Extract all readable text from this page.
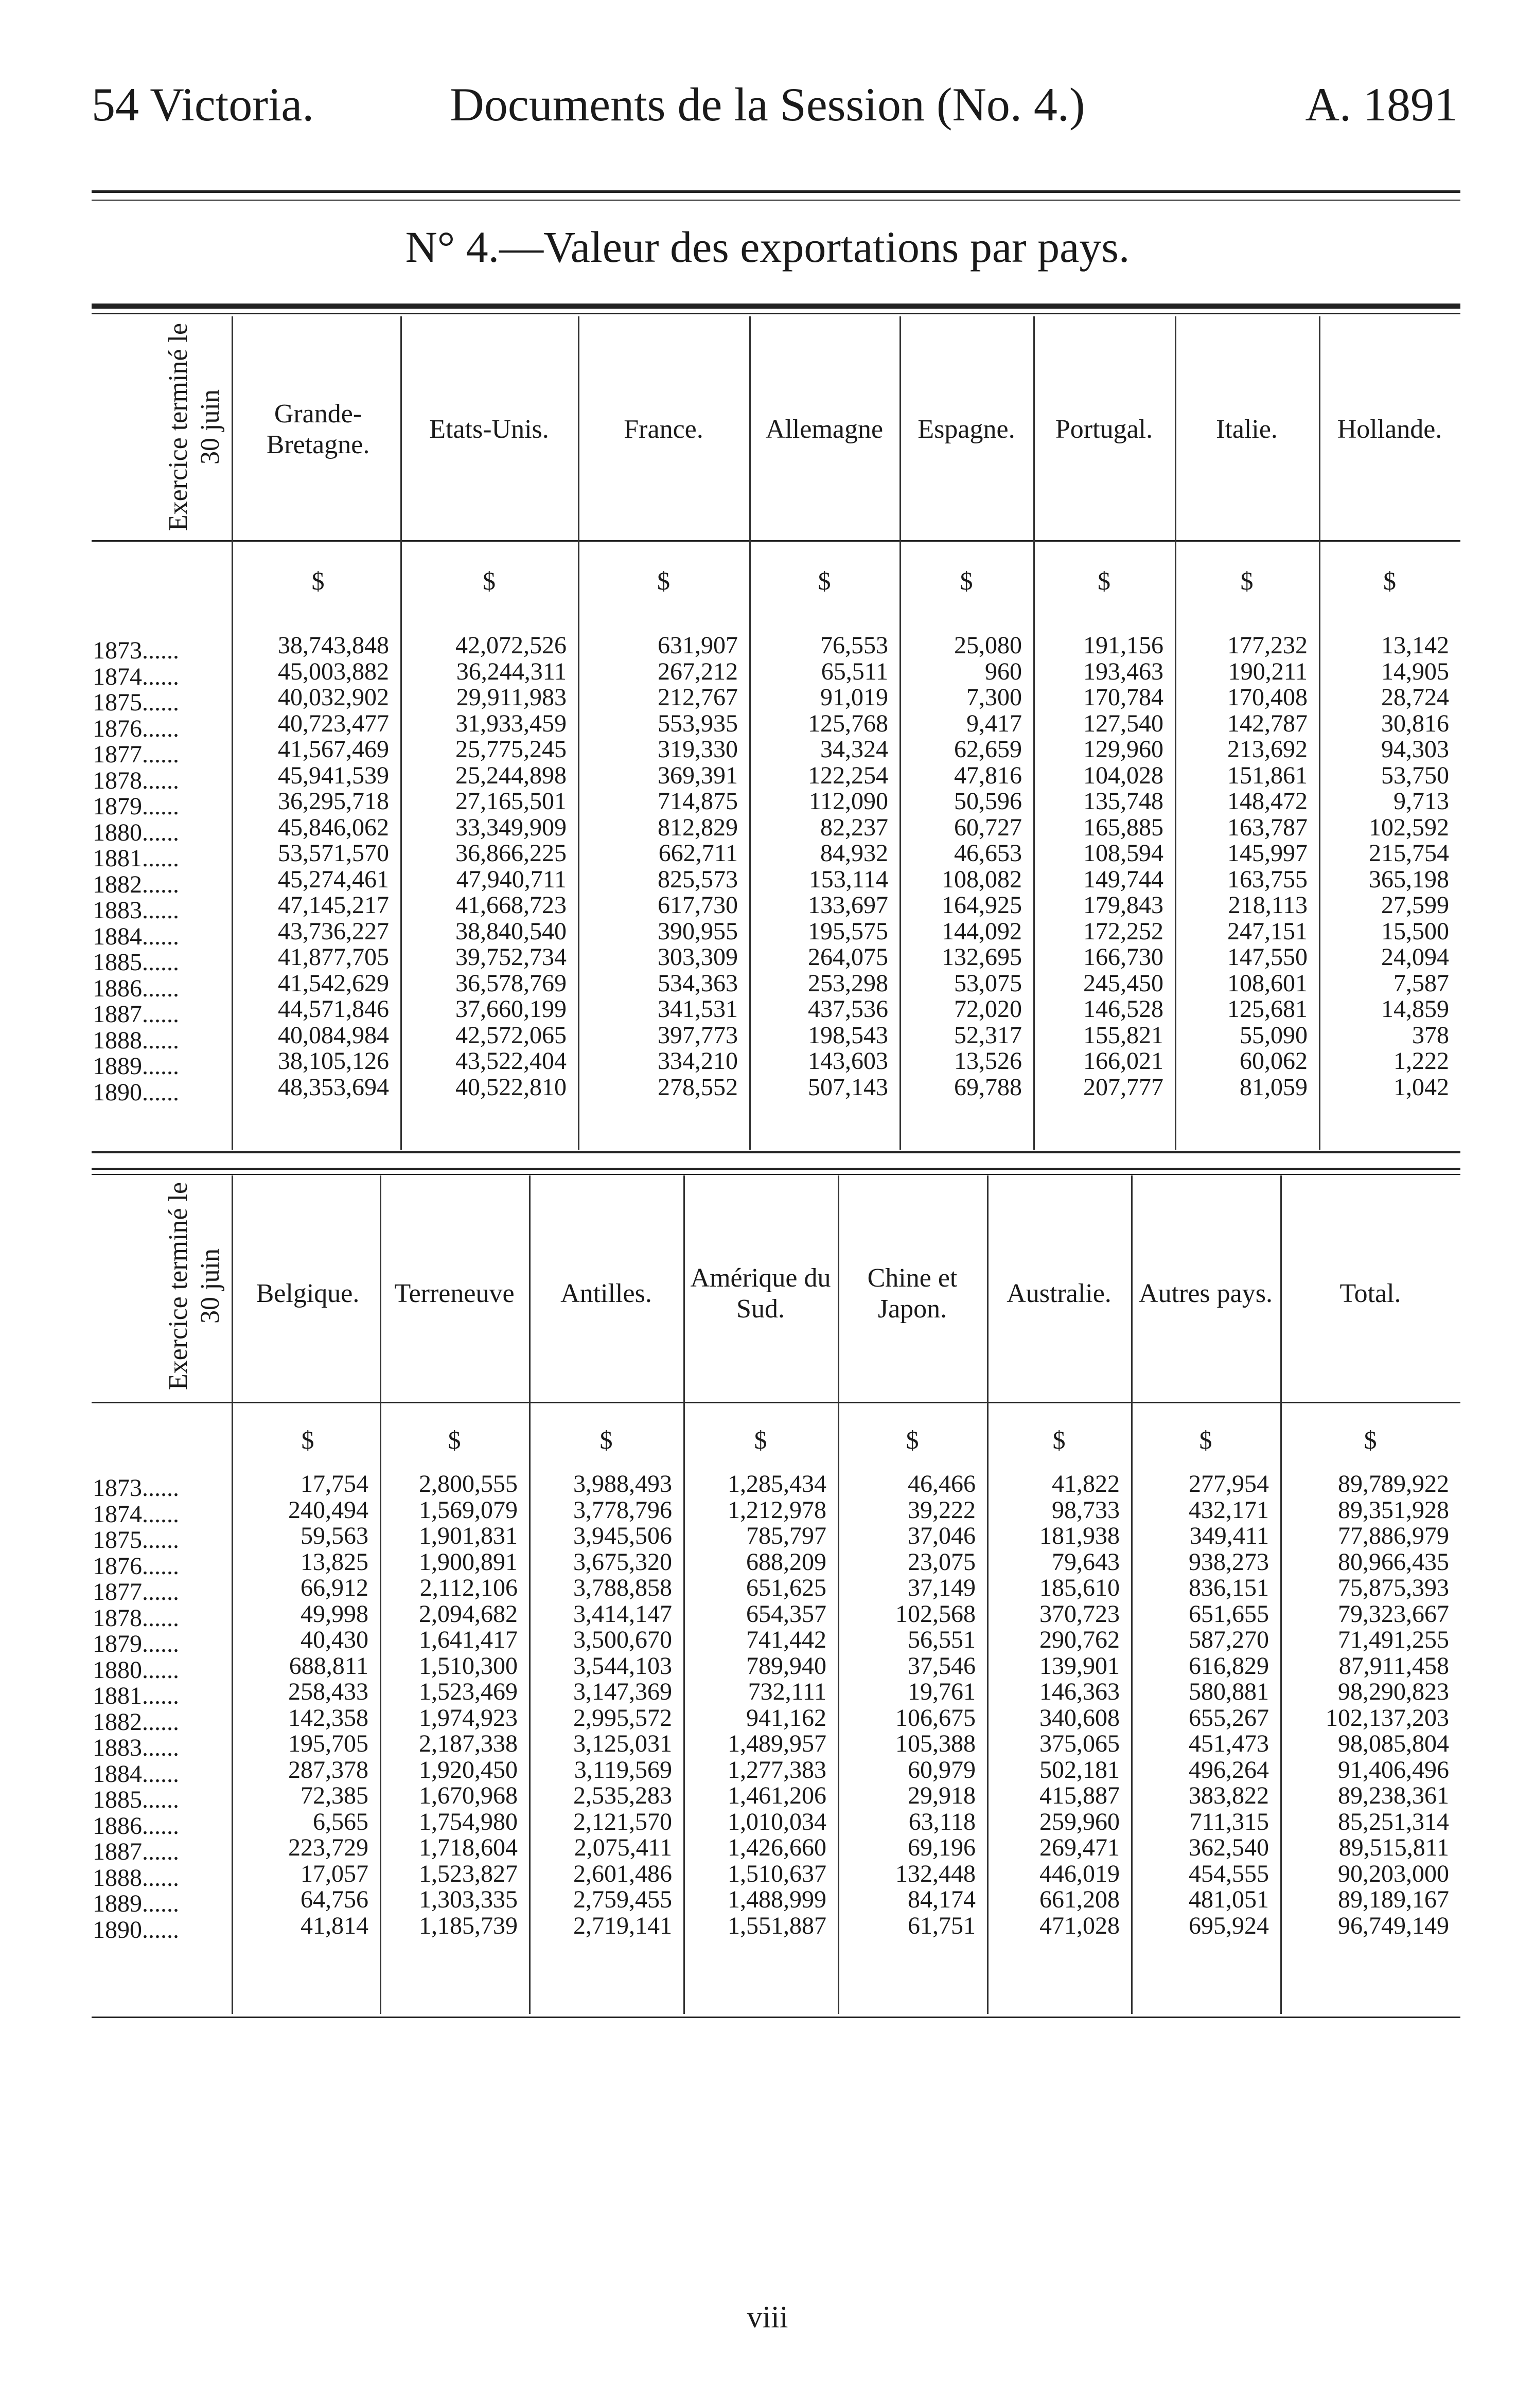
54 Victoria.	Documents de la Session (No. 4.)	A. 1891
N° 4.—Valeur des exportations par pays.
Exercice terminé le 30 juin
1873......
1874......
1875......
1876......
1877......
1878......
1879......
1880......
1881......
1882......
1883......
1884......
1885......
1886......
1887......
1888......
1889......
1890......
Grande-Bretagne.
$
38,743,848
45,003,882
40,032,902
40,723,477
41,567,469
45,941,539
36,295,718
45,846,062
53,571,570
45,274,461
47,145,217
43,736,227
41,877,705
41,542,629
44,571,846
40,084,984
38,105,126
48,353,694
Etats-Unis.
$
42,072,526
36,244,311
29,911,983
31,933,459
25,775,245
25,244,898
27,165,501
33,349,909
36,866,225
47,940,711
41,668,723
38,840,540
39,752,734
36,578,769
37,660,199
42,572,065
43,522,404
40,522,810
France.
$
631,907
267,212
212,767
553,935
319,330
369,391
714,875
812,829
662,711
825,573
617,730
390,955
303,309
534,363
341,531
397,773
334,210
278,552
Allemagne
$
76,553
65,511
91,019
125,768
34,324
122,254
112,090
82,237
84,932
153,114
133,697
195,575
264,075
253,298
437,536
198,543
143,603
507,143
Espagne.
$
25,080
960
7,300
9,417
62,659
47,816
50,596
60,727
46,653
108,082
164,925
144,092
132,695
53,075
72,020
52,317
13,526
69,788
Portugal.
$
191,156
193,463
170,784
127,540
129,960
104,028
135,748
165,885
108,594
149,744
179,843
172,252
166,730
245,450
146,528
155,821
166,021
207,777
Italie.
$
177,232
190,211
170,408
142,787
213,692
151,861
148,472
163,787
145,997
163,755
218,113
247,151
147,550
108,601
125,681
55,090
60,062
81,059
Hollande.
$
13,142
14,905
28,724
30,816
94,303
53,750
9,713
102,592
215,754
365,198
27,599
15,500
24,094
7,587
14,859
378
1,222
1,042
Exercice terminé le 30 juin
1873......
1874......
1875......
1876......
1877......
1878......
1879......
1880......
1881......
1882......
1883......
1884......
1885......
1886......
1887......
1888......
1889......
1890......
Belgique.
$
17,754
240,494
59,563
13,825
66,912
49,998
40,430
688,811
258,433
142,358
195,705
287,378
72,385
6,565
223,729
17,057
64,756
41,814
Terreneuve
$
2,800,555
1,569,079
1,901,831
1,900,891
2,112,106
2,094,682
1,641,417
1,510,300
1,523,469
1,974,923
2,187,338
1,920,450
1,670,968
1,754,980
1,718,604
1,523,827
1,303,335
1,185,739
Antilles.
$
3,988,493
3,778,796
3,945,506
3,675,320
3,788,858
3,414,147
3,500,670
3,544,103
3,147,369
2,995,572
3,125,031
3,119,569
2,535,283
2,121,570
2,075,411
2,601,486
2,759,455
2,719,141
Amérique du Sud.
$
1,285,434
1,212,978
785,797
688,209
651,625
654,357
741,442
789,940
732,111
941,162
1,489,957
1,277,383
1,461,206
1,010,034
1,426,660
1,510,637
1,488,999
1,551,887
Chine et Japon.
$
46,466
39,222
37,046
23,075
37,149
102,568
56,551
37,546
19,761
106,675
105,388
60,979
29,918
63,118
69,196
132,448
84,174
61,751
Australie.
$
41,822
98,733
181,938
79,643
185,610
370,723
290,762
139,901
146,363
340,608
375,065
502,181
415,887
259,960
269,471
446,019
661,208
471,028
Autres pays.
$
277,954
432,171
349,411
938,273
836,151
651,655
587,270
616,829
580,881
655,267
451,473
496,264
383,822
711,315
362,540
454,555
481,051
695,924
Total.
$
89,789,922
89,351,928
77,886,979
80,966,435
75,875,393
79,323,667
71,491,255
87,911,458
98,290,823
102,137,203
98,085,804
91,406,496
89,238,361
85,251,314
89,515,811
90,203,000
89,189,167
96,749,149
viii
